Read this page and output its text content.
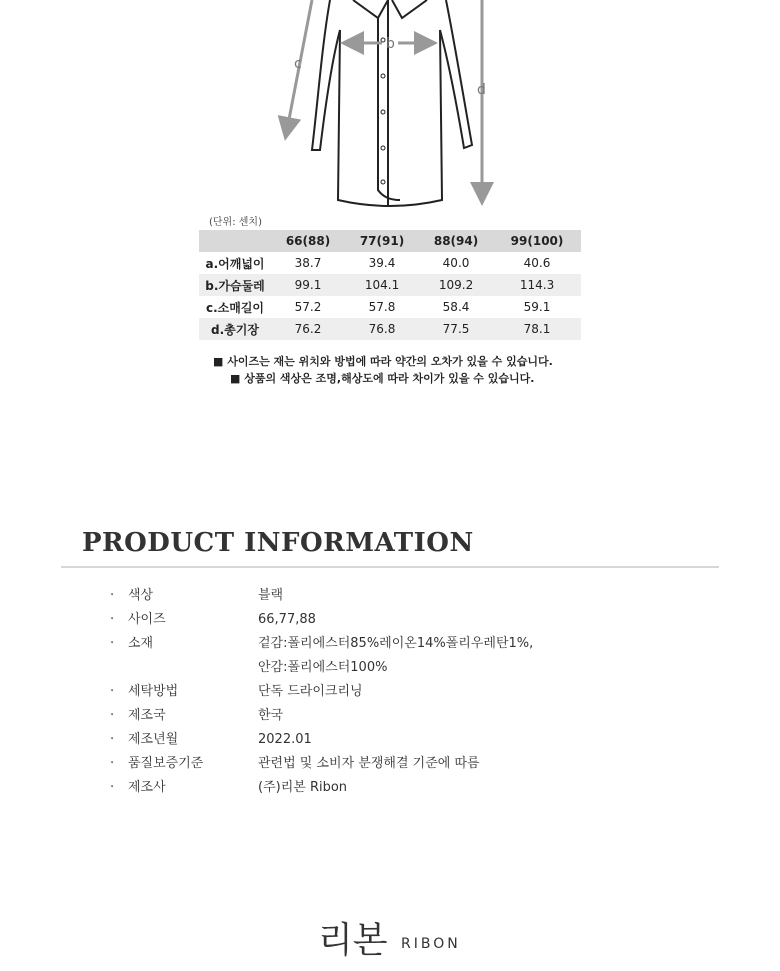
b
c
d
(단위: 센치)
	66(88)	77(91)	88(94)	99(100)
a.어깨넓이	38.7	39.4	40.0	40.6
b.가슴둘레	99.1	104.1	109.2	114.3
c.소매길이	57.2	57.8	58.4	59.1
d.총기장	76.2	76.8	77.5	78.1
■ 사이즈는 재는 위치와 방법에 따라 약간의 오차가 있을 수 있습니다.
■ 상품의 색상은 조명,해상도에 따라 차이가 있을 수 있습니다.
PRODUCT INFORMATION
· 색상	블랙
· 사이즈	66,77,88
· 소재	겉감:폴리에스터85%레이온14%폴리우레탄1%,
안감:폴리에스터100%
· 세탁방법	단독 드라이크리닝
· 제조국	한국
· 제조년월	2022.01
· 품질보증기준	관련법 및 소비자 분쟁해결 기준에 따름
· 제조사	(주)리본 Ribon
리본 RIBON
